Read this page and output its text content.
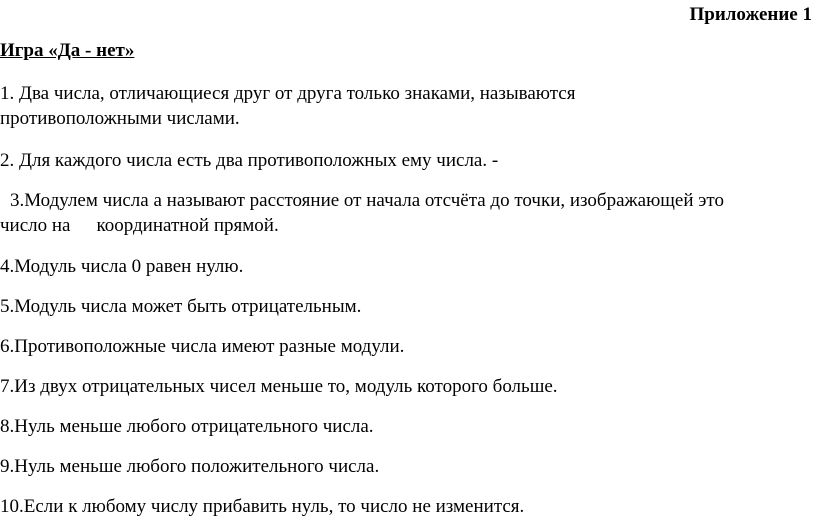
Приложение 1
Игра «Да - нет»
1. Два числа, отличающиеся друг от друга только знаками, называются
противоположными числами.
2. Для каждого числа есть два противоположных ему числа. -
3.Модулем числа а называют расстояние от начала отсчёта до точки, изображающей это
число на координатной прямой.
4.Модуль числа 0 равен нулю.
5.Модуль числа может быть отрицательным.
6.Противоположные числа имеют разные модули.
7.Из двух отрицательных чисел меньше то, модуль которого больше.
8.Нуль меньше любого отрицательного числа.
9.Нуль меньше любого положительного числа.
10.Если к любому числу прибавить нуль, то число не изменится.
